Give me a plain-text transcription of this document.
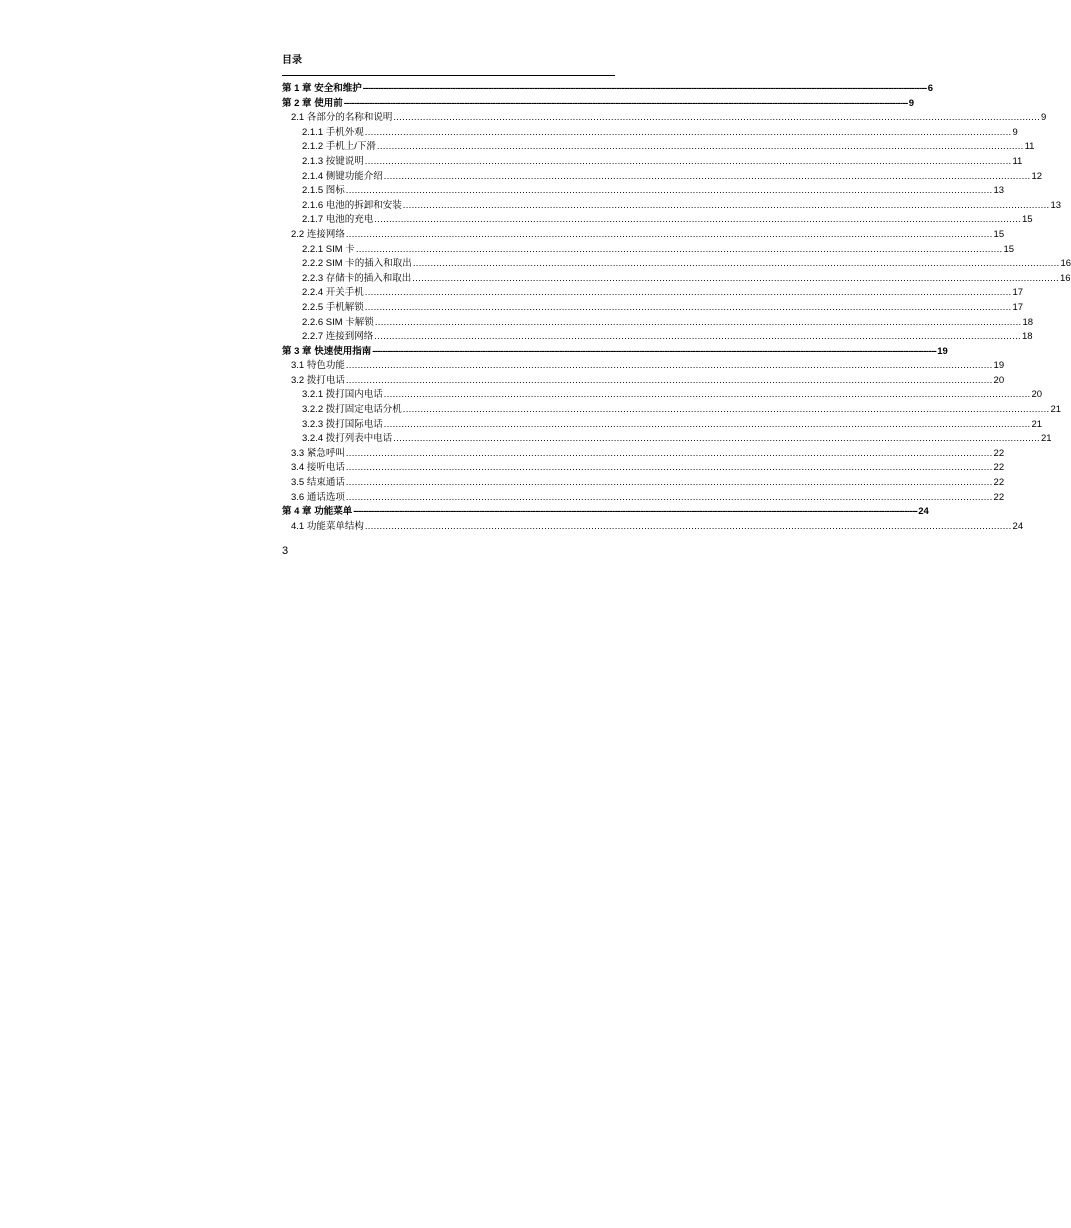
目录
第 1 章 安全和维护 ---------------------------------------------------------------------------------------------------------------------------------------------------------------------------------------------------------------------------- 6
第 2 章 使用前 ---------------------------------------------------------------------------------------------------------------------------------------------------------------------------------------------------------------------------- 9
2.1 各部分的名称和说明 ............................................................................................................................................................................................................................ 9
2.1.1 手机外观 ............................................................................................................................................................................................................................ 9
2.1.2 手机上/下滑 ............................................................................................................................................................................................................................ 11
2.1.3 按键说明 ............................................................................................................................................................................................................................ 11
2.1.4 侧键功能介绍 ............................................................................................................................................................................................................................ 12
2.1.5 图标 ............................................................................................................................................................................................................................ 13
2.1.6 电池的拆卸和安装 ............................................................................................................................................................................................................................ 13
2.1.7 电池的充电 ............................................................................................................................................................................................................................ 15
2.2 连接网络 ............................................................................................................................................................................................................................ 15
2.2.1 SIM 卡 ............................................................................................................................................................................................................................ 15
2.2.2 SIM 卡的插入和取出 ............................................................................................................................................................................................................................ 16
2.2.3 存储卡的插入和取出 ............................................................................................................................................................................................................................ 16
2.2.4 开关手机 ............................................................................................................................................................................................................................ 17
2.2.5 手机解锁 ............................................................................................................................................................................................................................ 17
2.2.6 SIM 卡解锁 ............................................................................................................................................................................................................................ 18
2.2.7 连接到网络 ............................................................................................................................................................................................................................ 18
第 3 章 快速使用指南 ---------------------------------------------------------------------------------------------------------------------------------------------------------------------------------------------------------------------------- 19
3.1 特色功能 ............................................................................................................................................................................................................................ 19
3.2 拨打电话 ............................................................................................................................................................................................................................ 20
3.2.1 拨打国内电话 ............................................................................................................................................................................................................................ 20
3.2.2 拨打固定电话分机 ............................................................................................................................................................................................................................ 21
3.2.3 拨打国际电话 ............................................................................................................................................................................................................................ 21
3.2.4 拨打列表中电话 ............................................................................................................................................................................................................................ 21
3.3 紧急呼叫 ............................................................................................................................................................................................................................ 22
3.4 接听电话 ............................................................................................................................................................................................................................ 22
3.5 结束通话 ............................................................................................................................................................................................................................ 22
3.6 通话选项 ............................................................................................................................................................................................................................ 22
第 4 章 功能菜单 ---------------------------------------------------------------------------------------------------------------------------------------------------------------------------------------------------------------------------- 24
4.1 功能菜单结构 ............................................................................................................................................................................................................................ 24
3
